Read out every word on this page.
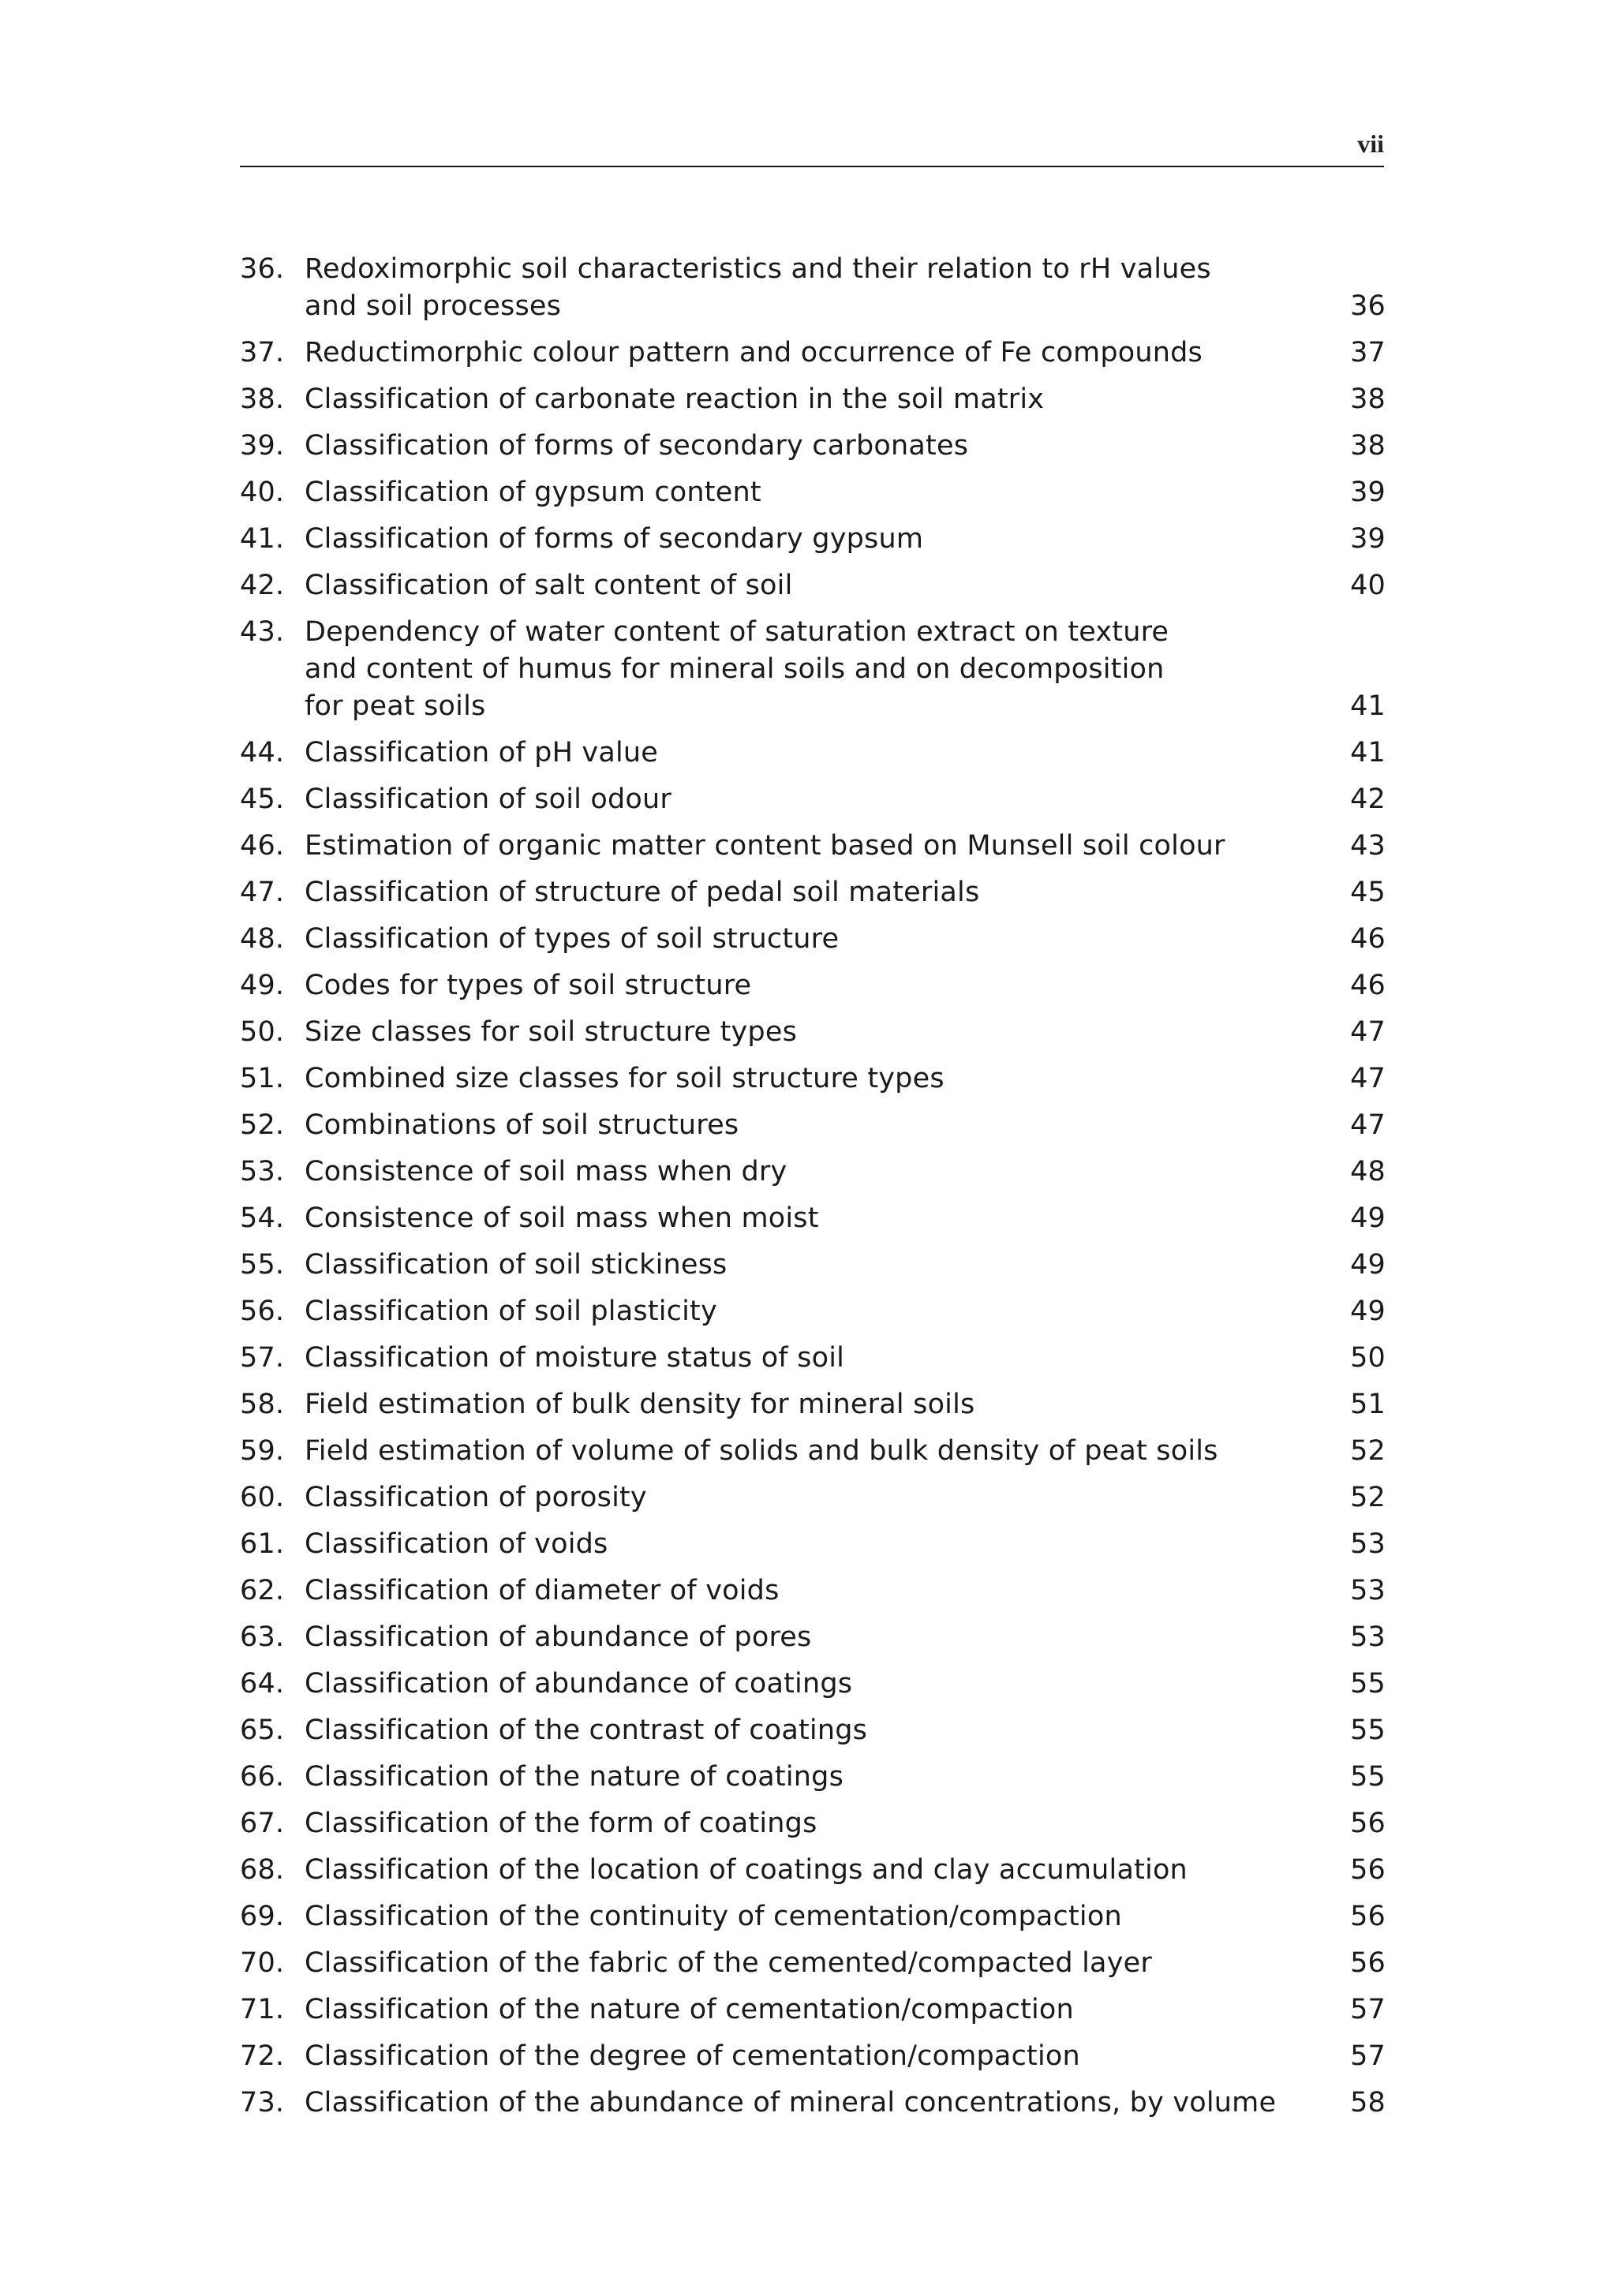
vii
36. Redoximorphic soil characteristics and their relation to rH values
and soil processes	36
37. Reductimorphic colour pattern and occurrence of Fe compounds	37
38. Classification of carbonate reaction in the soil matrix	38
39. Classification of forms of secondary carbonates	38
40. Classification of gypsum content	39
41. Classification of forms of secondary gypsum	39
42. Classification of salt content of soil	40
43. Dependency of water content of saturation extract on texture
and content of humus for mineral soils and on decomposition
for peat soils	41
44. Classification of pH value	41
45. Classification of soil odour	42
46. Estimation of organic matter content based on Munsell soil colour	43
47. Classification of structure of pedal soil materials	45
48. Classification of types of soil structure	46
49. Codes for types of soil structure	46
50. Size classes for soil structure types	47
51. Combined size classes for soil structure types	47
52. Combinations of soil structures	47
53. Consistence of soil mass when dry	48
54. Consistence of soil mass when moist	49
55. Classification of soil stickiness	49
56. Classification of soil plasticity	49
57. Classification of moisture status of soil	50
58. Field estimation of bulk density for mineral soils	51
59. Field estimation of volume of solids and bulk density of peat soils	52
60. Classification of porosity	52
61. Classification of voids	53
62. Classification of diameter of voids	53
63. Classification of abundance of pores	53
64. Classification of abundance of coatings	55
65. Classification of the contrast of coatings	55
66. Classification of the nature of coatings	55
67. Classification of the form of coatings	56
68. Classification of the location of coatings and clay accumulation	56
69. Classification of the continuity of cementation/compaction	56
70. Classification of the fabric of the cemented/compacted layer	56
71. Classification of the nature of cementation/compaction	57
72. Classification of the degree of cementation/compaction	57
73. Classification of the abundance of mineral concentrations, by volume	58
